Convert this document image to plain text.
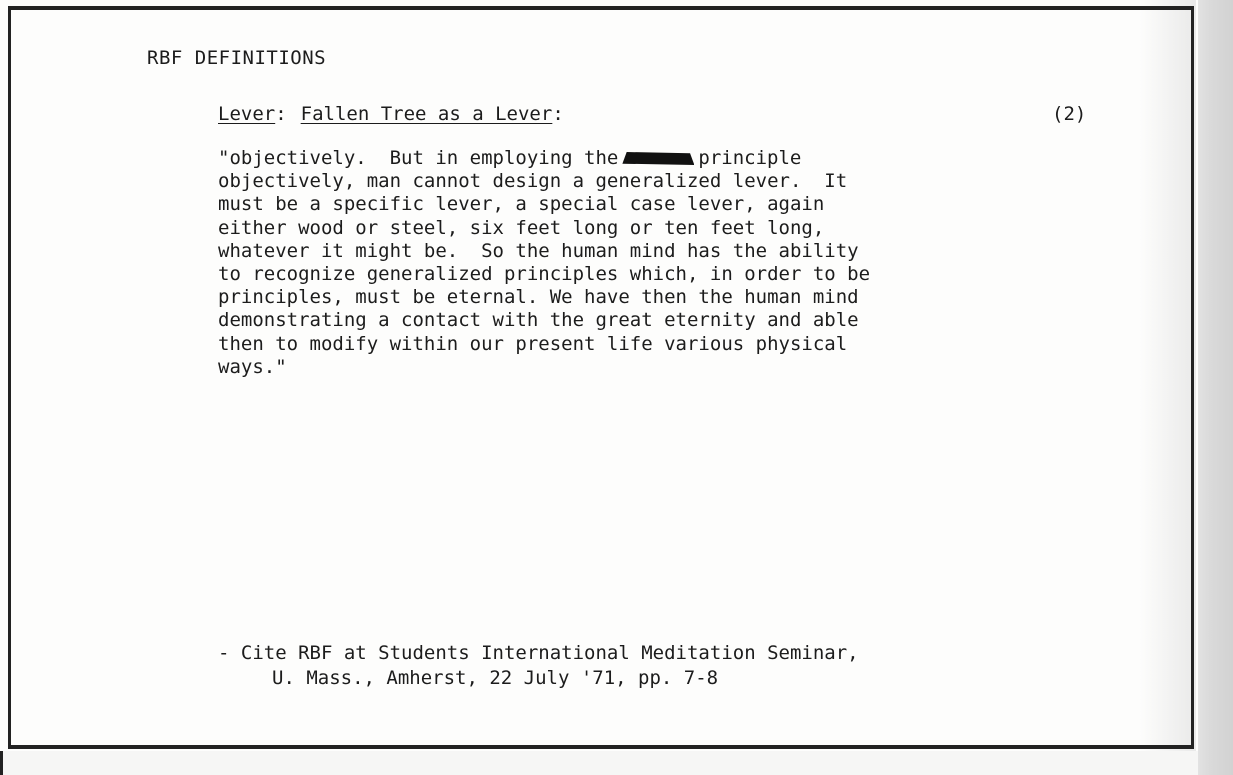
RBF DEFINITIONS
Lever: Fallen Tree as a Lever:	(2)
"objectively.  But in employing the	principle
objectively, man cannot design a generalized lever.  It
must be a specific lever, a special case lever, again
either wood or steel, six feet long or ten feet long,
whatever it might be.  So the human mind has the ability
to recognize generalized principles which, in order to be
principles, must be eternal. We have then the human mind
demonstrating a contact with the great eternity and able
then to modify within our present life various physical
ways."
- Cite RBF at Students International Meditation Seminar,
U. Mass., Amherst, 22 July '71, pp. 7-8
